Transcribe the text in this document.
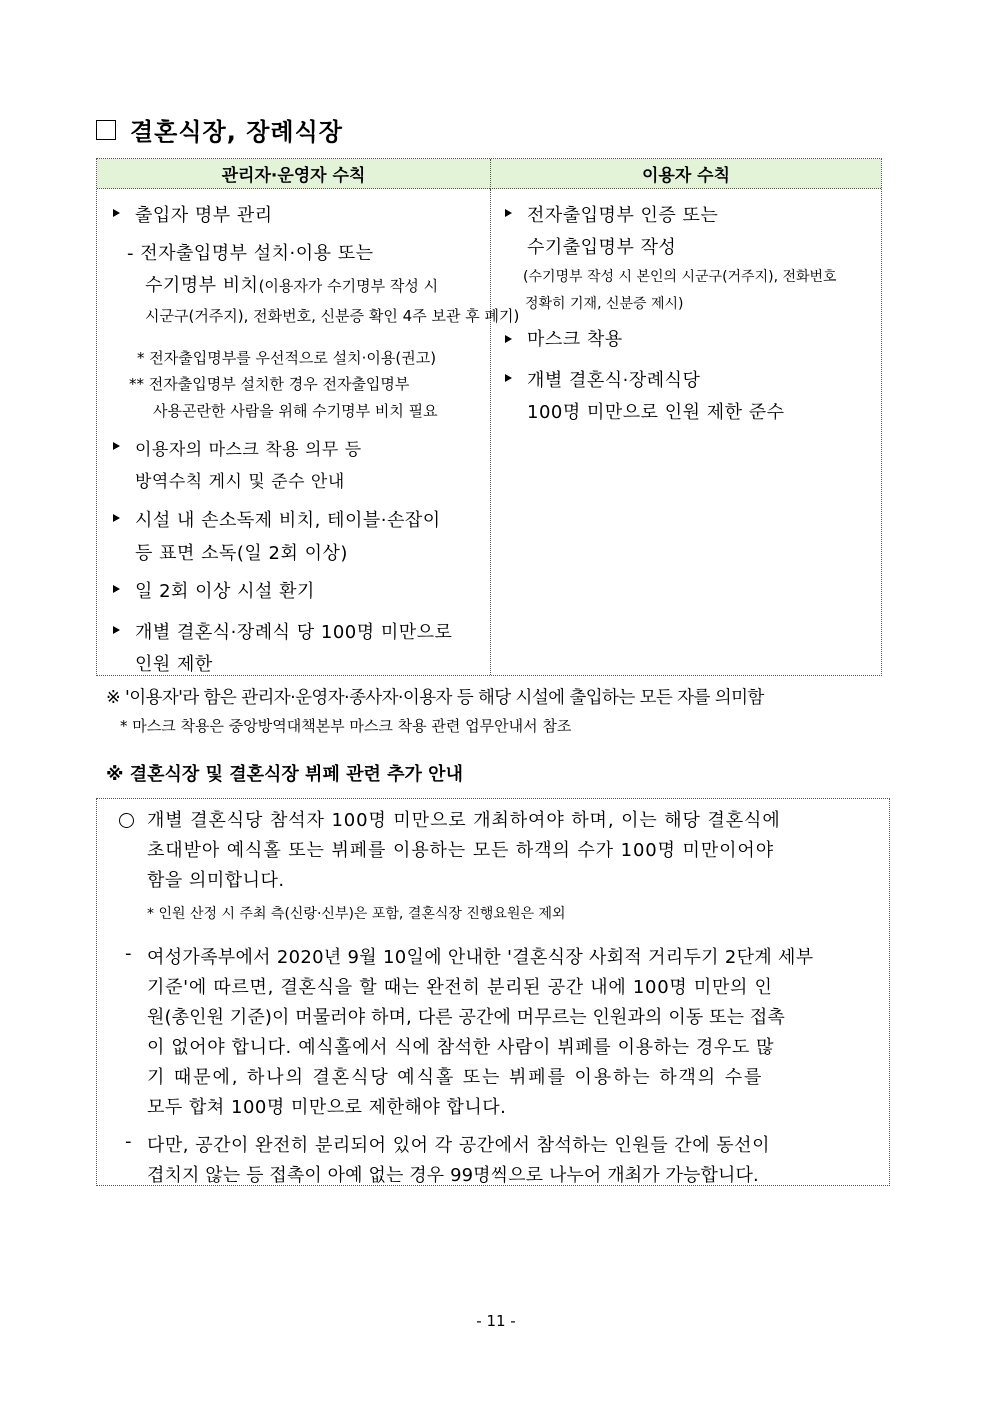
결혼식장, 장례식장
관리자·운영자 수칙	이용자 수칙
출입자 명부 관리
- 전자출입명부 설치·이용 또는
수기명부 비치(이용자가 수기명부 작성 시
시군구(거주지), 전화번호, 신분증 확인 4주 보관 후 폐기)
* 전자출입명부를 우선적으로 설치·이용(권고)
** 전자출입명부 설치한 경우 전자출입명부
사용곤란한 사람을 위해 수기명부 비치 필요
이용자의 마스크 착용 의무 등
방역수칙 게시 및 준수 안내
시설 내 손소독제 비치, 테이블·손잡이
등 표면 소독(일 2회 이상)
일 2회 이상 시설 환기
개별 결혼식·장례식 당 100명 미만으로
인원 제한
전자출입명부 인증 또는
수기출입명부 작성
(수기명부 작성 시 본인의 시군구(거주지), 전화번호
정확히 기재, 신분증 제시)
마스크 착용
개별 결혼식·장례식당
100명 미만으로 인원 제한 준수
※ '이용자'라 함은 관리자·운영자·종사자·이용자 등 해당 시설에 출입하는 모든 자를 의미함
* 마스크 착용은 중앙방역대책본부 마스크 착용 관련 업무안내서 참조
※ 결혼식장 및 결혼식장 뷔페 관련 추가 안내
개별 결혼식당 참석자 100명 미만으로 개최하여야 하며, 이는 해당 결혼식에
초대받아 예식홀 또는 뷔페를 이용하는 모든 하객의 수가 100명 미만이어야
함을 의미합니다.
* 인원 산정 시 주최 측(신랑·신부)은 포함, 결혼식장 진행요원은 제외
- 여성가족부에서 2020년 9월 10일에 안내한 '결혼식장 사회적 거리두기 2단계 세부
기준'에 따르면, 결혼식을 할 때는 완전히 분리된 공간 내에 100명 미만의 인
원(총인원 기준)이 머물러야 하며, 다른 공간에 머무르는 인원과의 이동 또는 접촉
이 없어야 합니다. 예식홀에서 식에 참석한 사람이 뷔페를 이용하는 경우도 많
기 때문에, 하나의 결혼식당 예식홀 또는 뷔페를 이용하는 하객의 수를
모두 합쳐 100명 미만으로 제한해야 합니다.
- 다만, 공간이 완전히 분리되어 있어 각 공간에서 참석하는 인원들 간에 동선이
겹치지 않는 등 접촉이 아예 없는 경우 99명씩으로 나누어 개최가 가능합니다.
- 11 -
